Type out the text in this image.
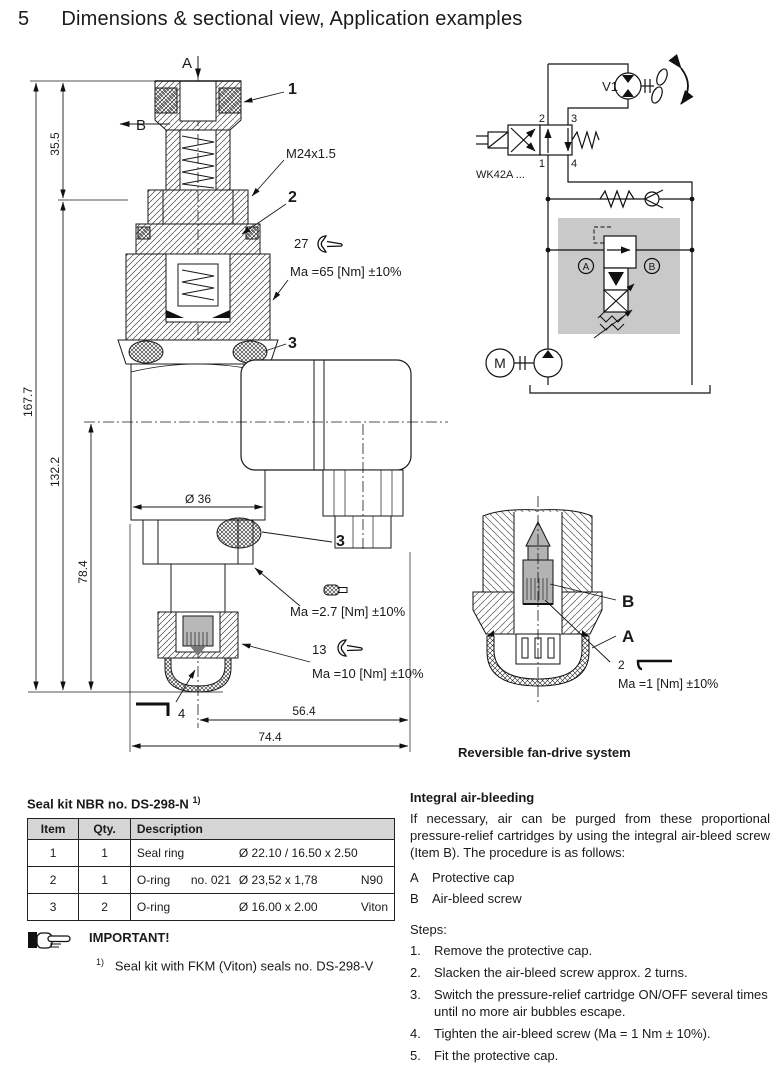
5 Dimensions & sectional view, Application examples
A
B
1
M24x1.5
2
27
Ma =65 [Nm] ±10%
3
3
Ma =2.7 [Nm] ±10%
13
Ma =10 [Nm] ±10%
4
167.7
35.5
132.2
78.4
Ø 36
56.4
74.4
V1
2 3
1 4
WK42A ...
A	B
M
B
A
2
Ma =1 [Nm] ±10%
Reversible fan-drive system
Seal kit NBR no. DS-298-N $^{1)}$
Item	Qty.	Description
1	1	Seal ring Ø 22.10 / 16.50 x 2.50

2	1	O-ring no. 021 Ø 23,52 x 1,78 N90

3	2	O-ring Ø 16.00 x 2.00 Viton
IMPORTANT!
$^{1)}$ Seal kit with FKM (Viton) seals no. DS-298-V
Integral air-bleeding

If necessary, air can be purged from these proportional pressure-relief cartridges by using the integral air-bleed screw (Item B). The procedure is as follows:

A	Protective cap
B	Air-bleed screw
Steps:
1.	Remove the protective cap.
2.	Slacken the air-bleed screw approx. 2 turns.
3.	Switch the pressure-relief cartridge ON/OFF several times until no more air bubbles escape.
4.	Tighten the air-bleed screw (Ma = 1 Nm ± 10%).
5.	Fit the protective cap.
